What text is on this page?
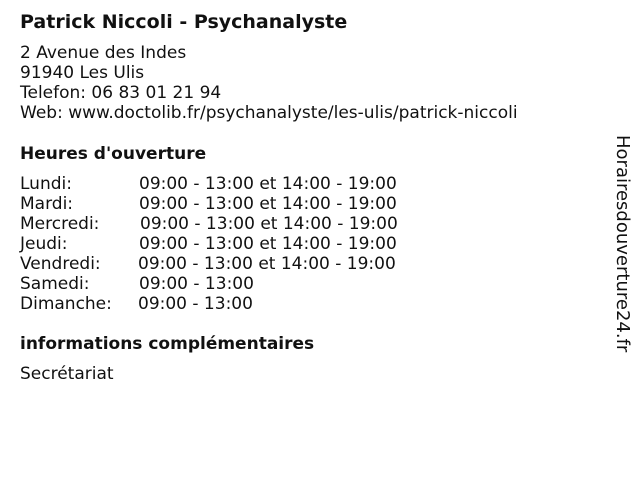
Patrick Niccoli - Psychanalyste
2 Avenue des Indes
91940 Les Ulis
Telefon: 06 83 01 21 94
Web: www.doctolib.fr/psychanalyste/les-ulis/patrick-niccoli
Heures d'ouverture
Lundi:	09:00 - 13:00 et 14:00 - 19:00
Mardi:	09:00 - 13:00 et 14:00 - 19:00
Mercredi: 09:00 - 13:00 et 14:00 - 19:00
Jeudi:	09:00 - 13:00 et 14:00 - 19:00
Vendredi: 09:00 - 13:00 et 14:00 - 19:00
Samedi:	09:00 - 13:00
Dimanche: 09:00 - 13:00
informations complémentaires
Secrétariat
Horairesdouverture24.fr
